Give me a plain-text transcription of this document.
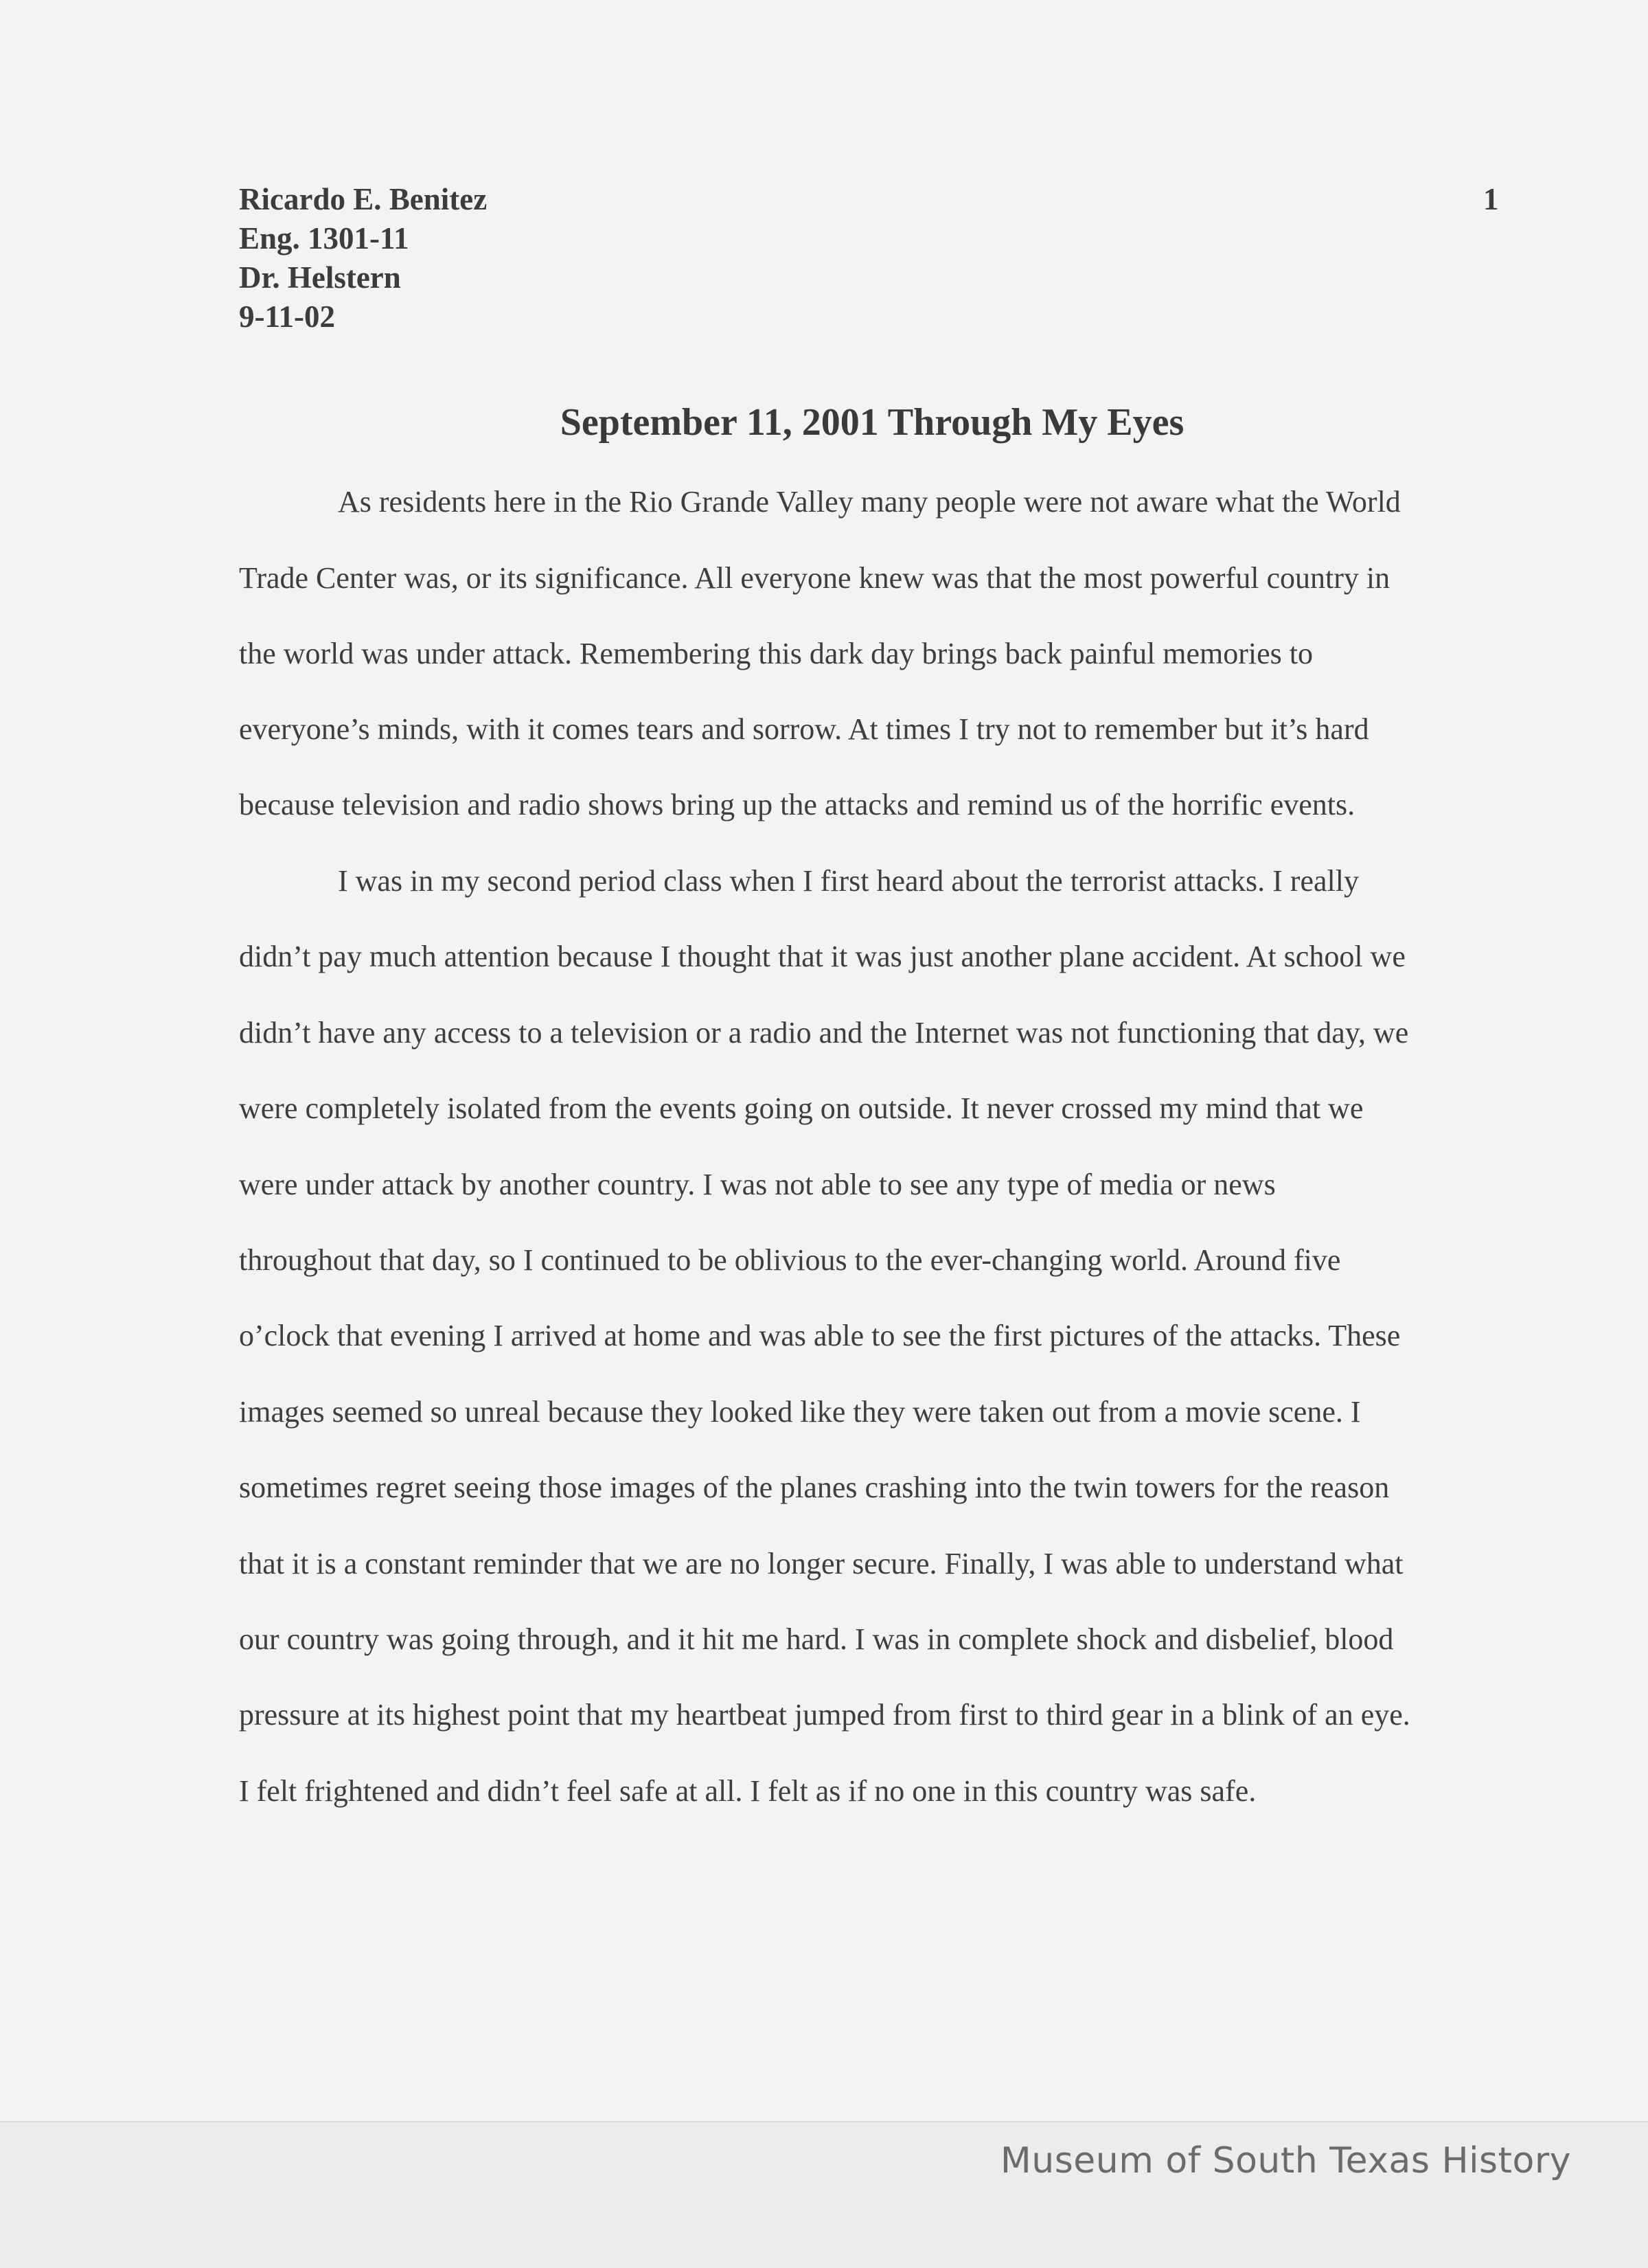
Ricardo E. Benitez
Eng. 1301-11
Dr. Helstern
9-11-02
1
September 11, 2001 Through My Eyes
As residents here in the Rio Grande Valley many people were not aware what the World
Trade Center was, or its significance. All everyone knew was that the most powerful country in
the world was under attack. Remembering this dark day brings back painful memories to
everyone’s minds, with it comes tears and sorrow. At times I try not to remember but it’s hard
because television and radio shows bring up the attacks and remind us of the horrific events.
I was in my second period class when I first heard about the terrorist attacks. I really
didn’t pay much attention because I thought that it was just another plane accident. At school we
didn’t have any access to a television or a radio and the Internet was not functioning that day, we
were completely isolated from the events going on outside. It never crossed my mind that we
were under attack by another country. I was not able to see any type of media or news
throughout that day, so I continued to be oblivious to the ever-changing world. Around five
o’clock that evening I arrived at home and was able to see the first pictures of the attacks. These
images seemed so unreal because they looked like they were taken out from a movie scene. I
sometimes regret seeing those images of the planes crashing into the twin towers for the reason
that it is a constant reminder that we are no longer secure. Finally, I was able to understand what
our country was going through, and it hit me hard. I was in complete shock and disbelief, blood
pressure at its highest point that my heartbeat jumped from first to third gear in a blink of an eye.
I felt frightened and didn’t feel safe at all. I felt as if no one in this country was safe.
Museum of South Texas History
